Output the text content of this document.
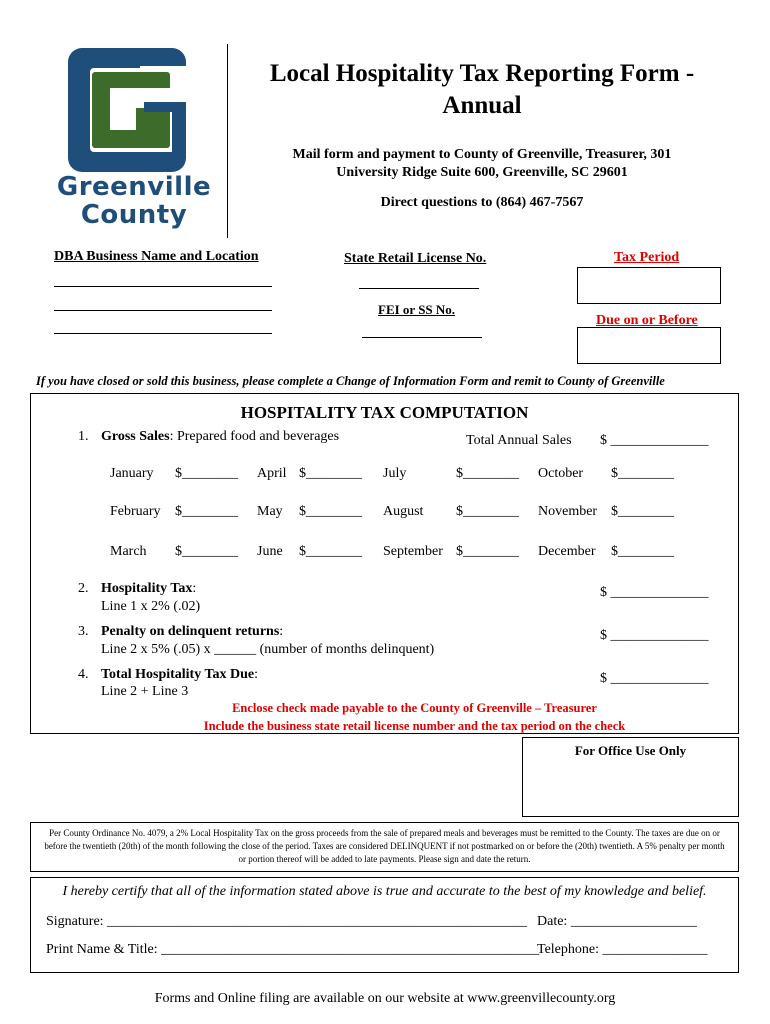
Greenville
County
Local Hospitality Tax Reporting Form -
Annual
Mail form and payment to County of Greenville, Treasurer, 301
University Ridge Suite 600, Greenville, SC 29601
Direct questions to (864) 467-7567
DBA Business Name and Location	State Retail License No.
FEI or SS No.
Tax Period
Due on or Before
If you have closed or sold this business, please complete a Change of Information Form and remit to County of Greenville
HOSPITALITY TAX COMPUTATION
1. Gross Sales: Prepared food and beverages	Total Annual Sales $ ______________
January $________ April $________ July	$________ October $________
February $________ May $________ August $________ November $________
March $________ June $________ September $________ December $________
2. Hospitality Tax:
Line 1 x 2% (.02)
$ ______________
3. Penalty on delinquent returns:
Line 2 x 5% (.05) x ______ (number of months delinquent)
$ ______________
4. Total Hospitality Tax Due:
Line 2 + Line 3
$ ______________
Enclose check made payable to the County of Greenville – Treasurer
Include the business state retail license number and the tax period on the check
For Office Use Only
Per County Ordinance No. 4079, a 2% Local Hospitality Tax on the gross proceeds from the sale of prepared meals and beverages must be remitted to the County. The taxes are due on or before the twentieth (20th) of the month following the close of the period. Taxes are considered DELINQUENT if not postmarked on or before the (20th) twentieth. A 5% penalty per month or portion thereof will be added to late payments. Please sign and date the return.
I hereby certify that all of the information stated above is true and accurate to the best of my knowledge and belief.
Signature: ____________________________________________________________ Date: __________________
Print Name & Title: ______________________________________________________
Telephone: _______________
Forms and Online filing are available on our website at www.greenvillecounty.org
